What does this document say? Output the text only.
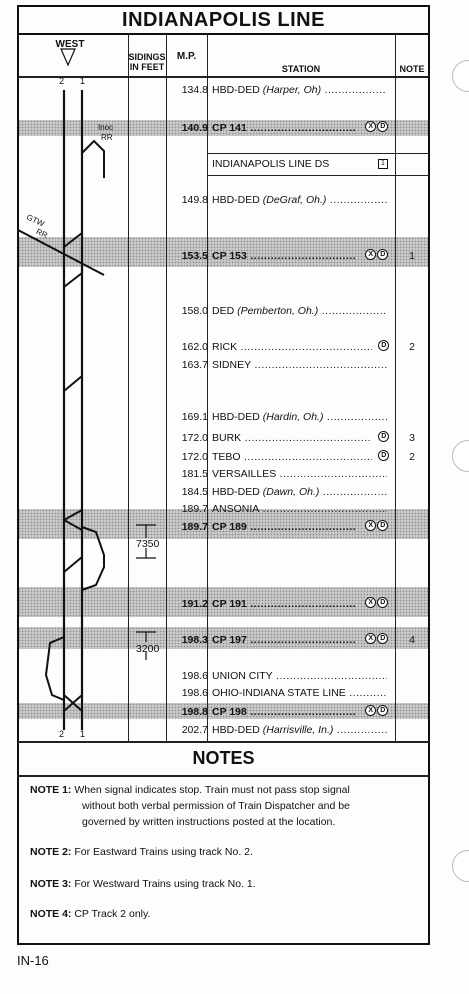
INDIANAPOLIS LINE
WEST
SIDINGS
IN FEET
M.P.
STATION	NOTE
2 1
2 1
Inoc
RR
GTW
RR
7350
3200
134.8 HBD-DED (Harper, Oh) .....
140.9 CP 141 .....	X D
INDIANAPOLIS LINE DS	1
149.8 HBD-DED (DeGraf, Oh.) .....
153.5 CP 153 .....	X D	1
158.0 DED (Pemberton, Oh.) .....
162.0 RICK .....	D	2
163.7 SIDNEY .....
169.1 HBD-DED (Hardin, Oh.) .....
172.0 BURK .....	D	3
172.0 TEBO .....	D	2
181.5 VERSAILLES .....
184.5 HBD-DED (Dawn, Oh.) .....
189.7 ANSONIA .....
189.7 CP 189 .....	X D
191.2 CP 191 .....	X D
198.3 CP 197 .....	X D	4
198.6 UNION CITY .....
198.6 OHIO-INDIANA STATE LINE .....
198.8 CP 198 .....	X D
202.7 HBD-DED (Harrisville, In.) .....
NOTES
NOTE 1: When signal indicates stop. Train must not pass stop signal
without both verbal permission of Train Dispatcher and be
governed by written instructions posted at the location.
NOTE 2: For Eastward Trains using track No. 2.
NOTE 3: For Westward Trains using track No. 1.
NOTE 4: CP Track 2 only.
IN-16
